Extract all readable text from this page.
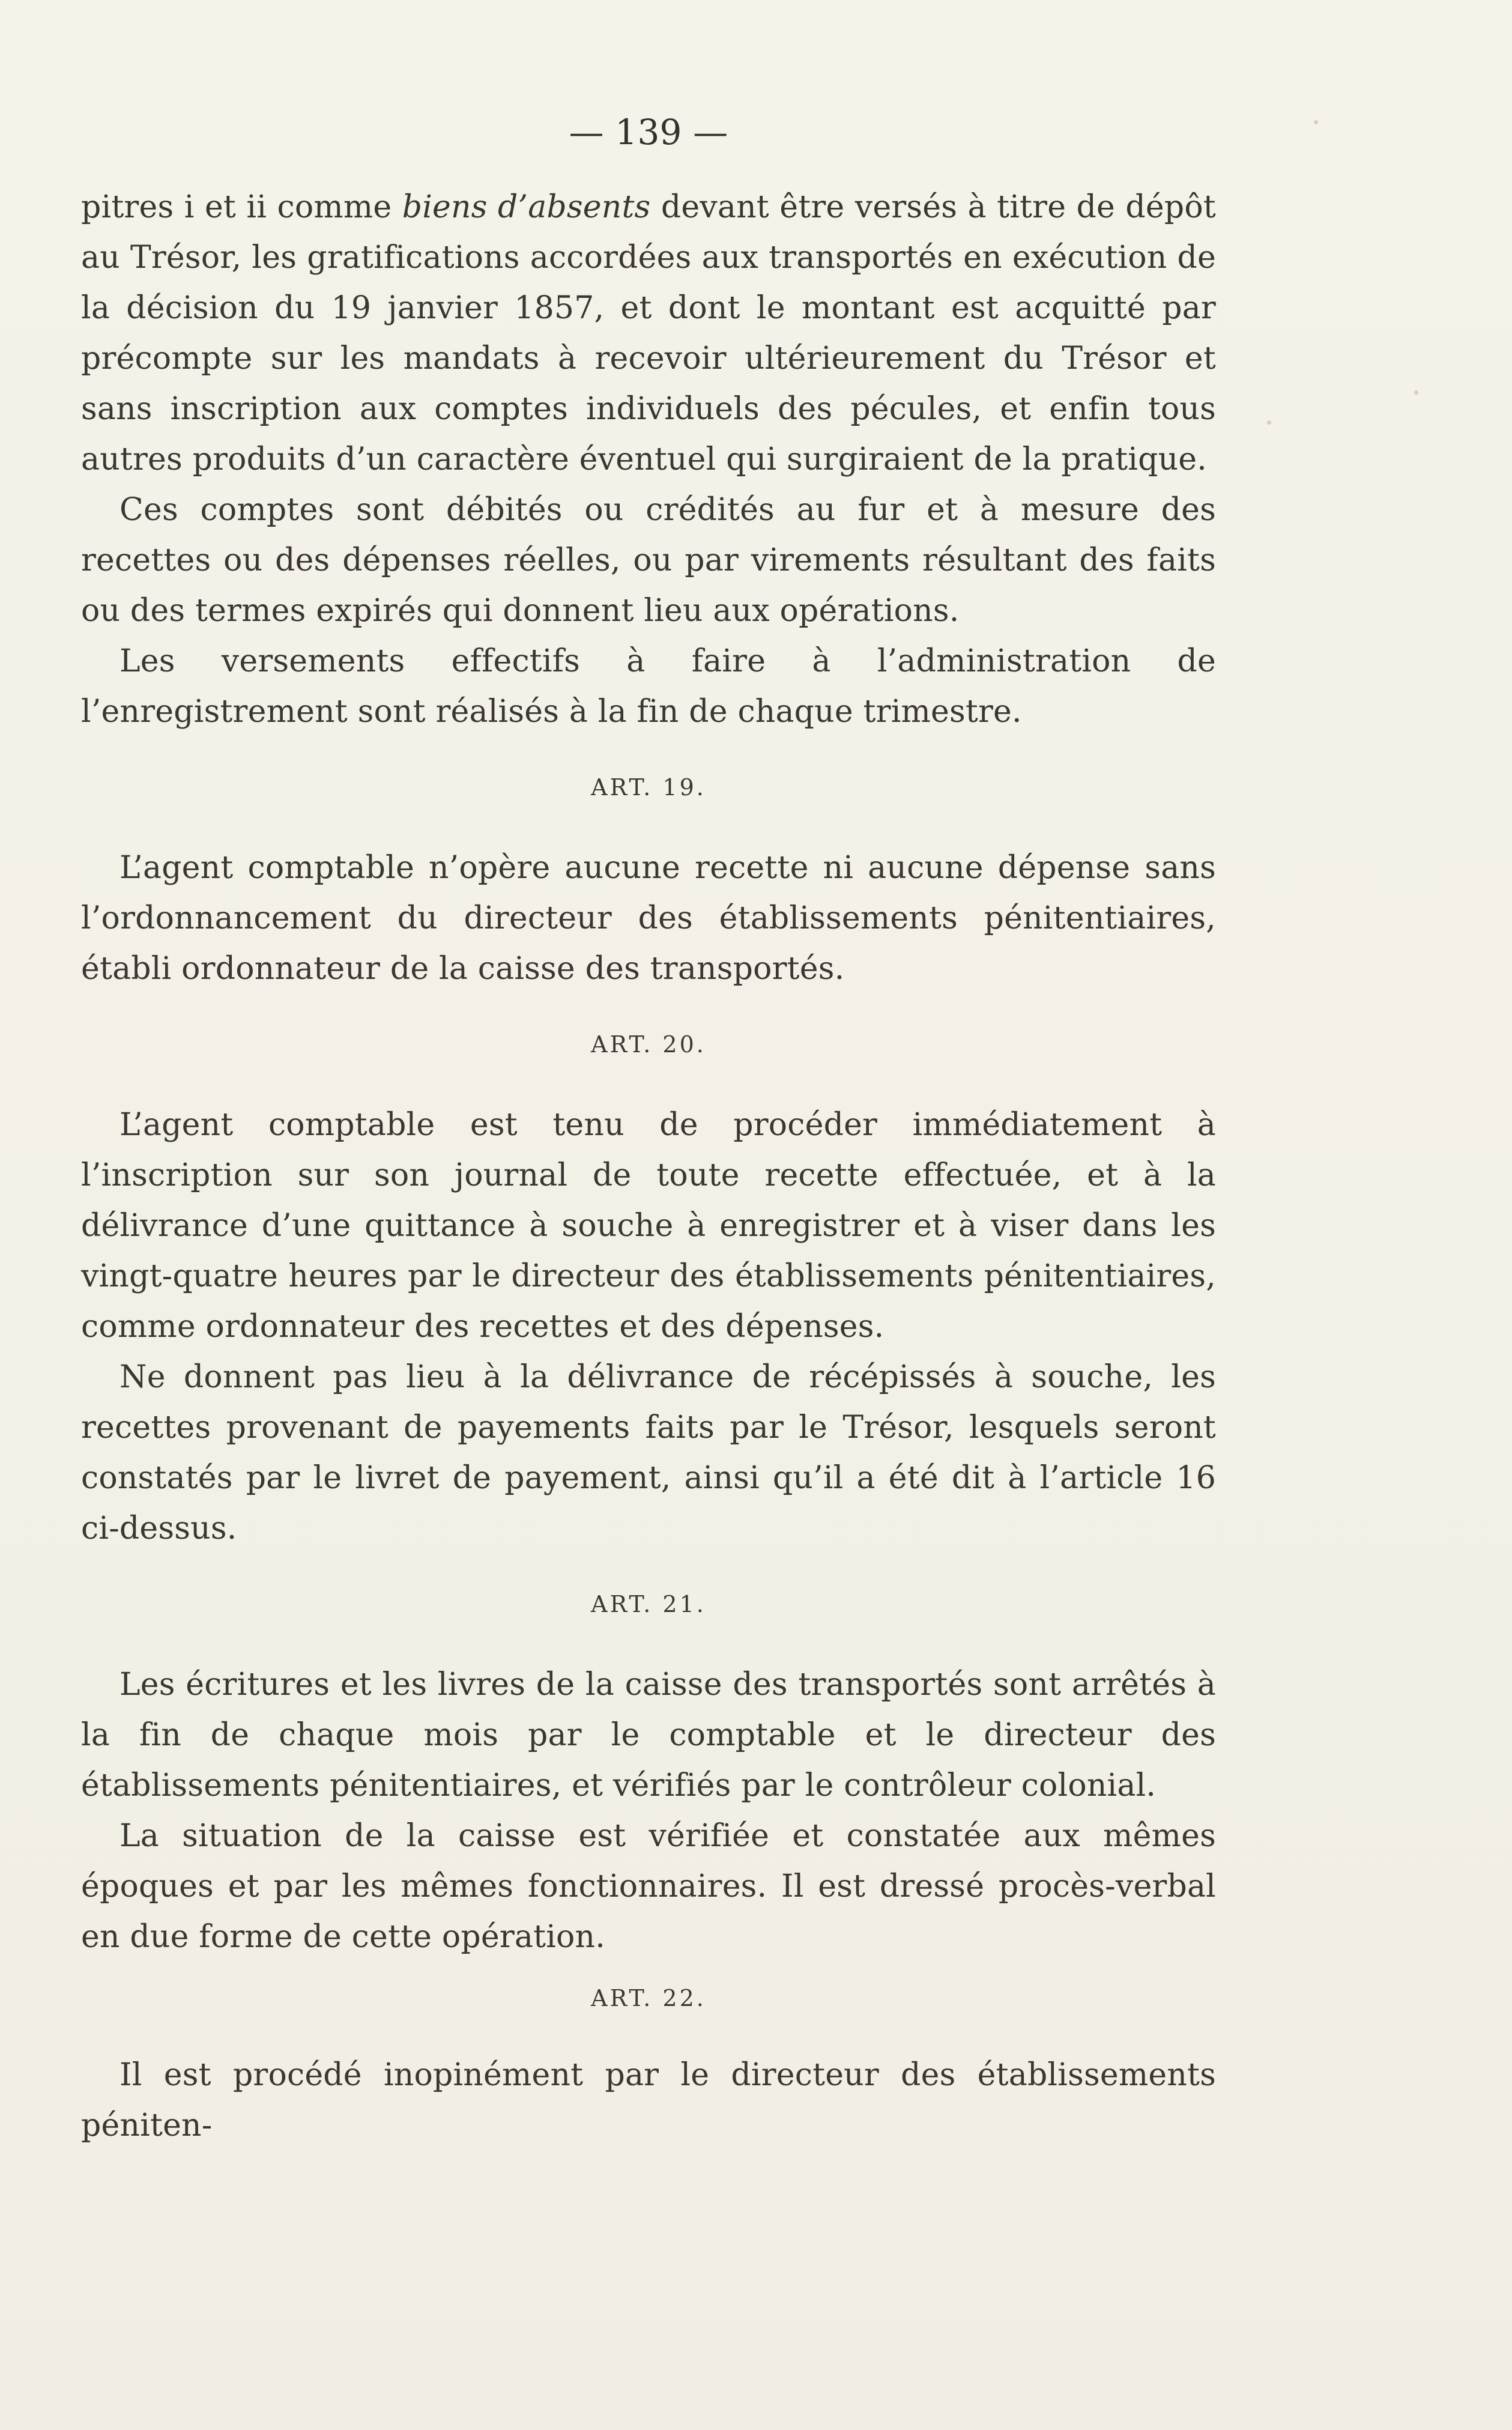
— 139 —

pitres i et ii comme biens d’absents devant être versés à titre de dépôt au Trésor, les gratifications accordées aux transportés en exécution de la décision du 19 janvier 1857, et dont le montant est acquitté par précompte sur les mandats à recevoir ultérieurement du Trésor et sans inscription aux comptes individuels des pécules, et enfin tous autres produits d’un caractère éventuel qui surgiraient de la pratique.

Ces comptes sont débités ou crédités au fur et à mesure des recettes ou des dépenses réelles, ou par virements résultant des faits ou des termes expirés qui donnent lieu aux opérations.

Les versements effectifs à faire à l’administration de l’enregistrement sont réalisés à la fin de chaque trimestre.

ART. 19.

L’agent comptable n’opère aucune recette ni aucune dépense sans l’ordonnancement du directeur des établissements pénitentiaires, établi ordonnateur de la caisse des transportés.

ART. 20.

L’agent comptable est tenu de procéder immédiatement à l’inscription sur son journal de toute recette effectuée, et à la délivrance d’une quittance à souche à enregistrer et à viser dans les vingt-quatre heures par le directeur des établissements pénitentiaires, comme ordonnateur des recettes et des dépenses.

Ne donnent pas lieu à la délivrance de récépissés à souche, les recettes provenant de payements faits par le Trésor, lesquels seront constatés par le livret de payement, ainsi qu’il a été dit à l’article 16 ci-dessus.

ART. 21.

Les écritures et les livres de la caisse des transportés sont arrêtés à la fin de chaque mois par le comptable et le directeur des établissements pénitentiaires, et vérifiés par le contrôleur colonial.

La situation de la caisse est vérifiée et constatée aux mêmes époques et par les mêmes fonctionnaires. Il est dressé procès-verbal en due forme de cette opération.

ART. 22.

Il est procédé inopinément par le directeur des établissements péniten-
